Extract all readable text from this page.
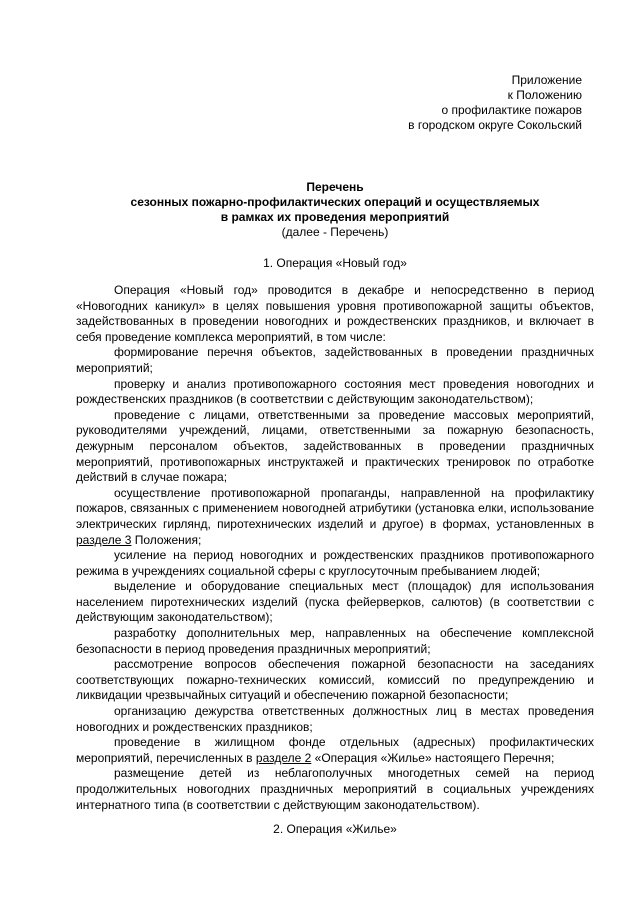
Приложение
к Положению
о профилактике пожаров
в городском округе Сокольский
Перечень
сезонных пожарно-профилактических операций и осуществляемых
в рамках их проведения мероприятий
(далее - Перечень)
1. Операция «Новый год»

Операция «Новый год» проводится в декабре и непосредственно в период «Новогодних каникул» в целях повышения уровня противопожарной защиты объектов, задействованных в проведении новогодних и рождественских праздников, и включает в себя проведение комплекса мероприятий, в том числе:

формирование перечня объектов, задействованных в проведении праздничных мероприятий;

проверку и анализ противопожарного состояния мест проведения новогодних и рождественских праздников (в соответствии с действующим законодательством);

проведение с лицами, ответственными за проведение массовых мероприятий, руководителями учреждений, лицами, ответственными за пожарную безопасность, дежурным персоналом объектов, задействованных в проведении праздничных мероприятий, противопожарных инструктажей и практических тренировок по отработке действий в случае пожара;

осуществление противопожарной пропаганды, направленной на профилактику пожаров, связанных с применением новогодней атрибутики (установка елки, использование электрических гирлянд, пиротехнических изделий и другое) в формах, установленных в разделе 3 Положения;

усиление на период новогодних и рождественских праздников противопожарного режима в учреждениях социальной сферы с круглосуточным пребыванием людей;

выделение и оборудование специальных мест (площадок) для использования населением пиротехнических изделий (пуска фейерверков, салютов) (в соответствии с действующим законодательством);

разработку дополнительных мер, направленных на обеспечение комплексной безопасности в период проведения праздничных мероприятий;

рассмотрение вопросов обеспечения пожарной безопасности на заседаниях соответствующих пожарно-технических комиссий, комиссий по предупреждению и ликвидации чрезвычайных ситуаций и обеспечению пожарной безопасности;

организацию дежурства ответственных должностных лиц в местах проведения новогодних и рождественских праздников;

проведение в жилищном фонде отдельных (адресных) профилактических мероприятий, перечисленных в разделе 2 «Операция «Жилье» настоящего Перечня;

размещение детей из неблагополучных многодетных семей на период продолжительных новогодних праздничных мероприятий в социальных учреждениях интернатного типа (в соответствии с действующим законодательством).

2. Операция «Жилье»
